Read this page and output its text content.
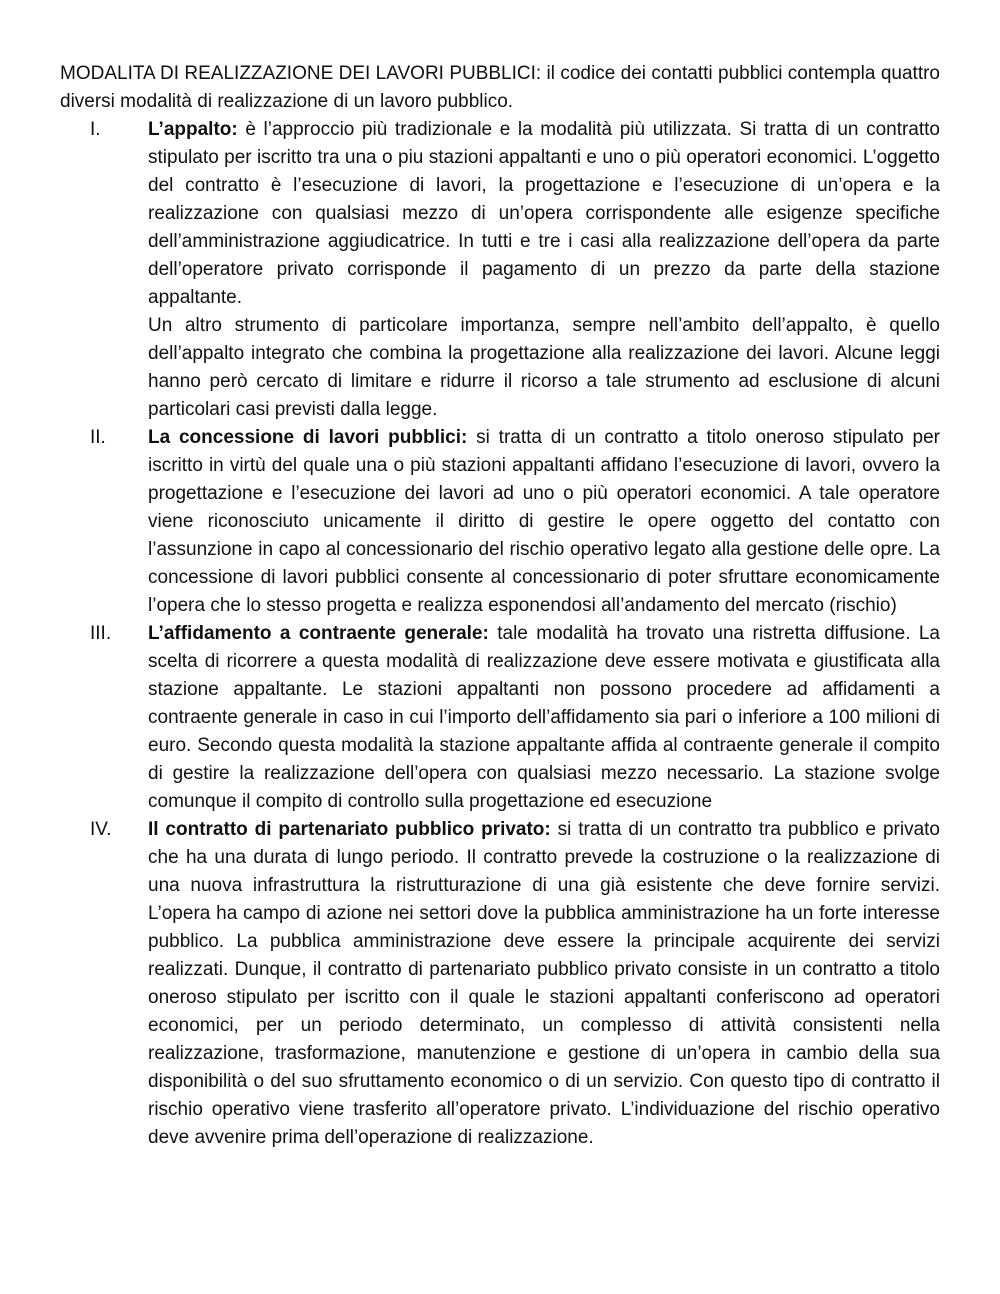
MODALITA DI REALIZZAZIONE DEI LAVORI PUBBLICI: il codice dei contatti pubblici contempla quattro diversi modalità di realizzazione di un lavoro pubblico.

I. L’appalto: è l’approccio più tradizionale e la modalità più utilizzata. Si tratta di un contratto stipulato per iscritto tra una o piu stazioni appaltanti e uno o più operatori economici. L’oggetto del contratto è l’esecuzione di lavori, la progettazione e l’esecuzione di un’opera e la realizzazione con qualsiasi mezzo di un’opera corrispondente alle esigenze specifiche dell’amministrazione aggiudicatrice. In tutti e tre i casi alla realizzazione dell’opera da parte dell’operatore privato corrisponde il pagamento di un prezzo da parte della stazione appaltante.

Un altro strumento di particolare importanza, sempre nell’ambito dell’appalto, è quello dell’appalto integrato che combina la progettazione alla realizzazione dei lavori. Alcune leggi hanno però cercato di limitare e ridurre il ricorso a tale strumento ad esclusione di alcuni particolari casi previsti dalla legge.

II. La concessione di lavori pubblici: si tratta di un contratto a titolo oneroso stipulato per iscritto in virtù del quale una o più stazioni appaltanti affidano l’esecuzione di lavori, ovvero la progettazione e l’esecuzione dei lavori ad uno o più operatori economici. A tale operatore viene riconosciuto unicamente il diritto di gestire le opere oggetto del contatto con l’assunzione in capo al concessionario del rischio operativo legato alla gestione delle opre. La concessione di lavori pubblici consente al concessionario di poter sfruttare economicamente l’opera che lo stesso progetta e realizza esponendosi all’andamento del mercato (rischio)

III. L’affidamento a contraente generale: tale modalità ha trovato una ristretta diffusione. La scelta di ricorrere a questa modalità di realizzazione deve essere motivata e giustificata alla stazione appaltante. Le stazioni appaltanti non possono procedere ad affidamenti a contraente generale in caso in cui l’importo dell’affidamento sia pari o inferiore a 100 milioni di euro. Secondo questa modalità la stazione appaltante affida al contraente generale il compito di gestire la realizzazione dell’opera con qualsiasi mezzo necessario. La stazione svolge comunque il compito di controllo sulla progettazione ed esecuzione

IV. Il contratto di partenariato pubblico privato: si tratta di un contratto tra pubblico e privato che ha una durata di lungo periodo. Il contratto prevede la costruzione o la realizzazione di una nuova infrastruttura la ristrutturazione di una già esistente che deve fornire servizi. L’opera ha campo di azione nei settori dove la pubblica amministrazione ha un forte interesse pubblico. La pubblica amministrazione deve essere la principale acquirente dei servizi realizzati. Dunque, il contratto di partenariato pubblico privato consiste in un contratto a titolo oneroso stipulato per iscritto con il quale le stazioni appaltanti conferiscono ad operatori economici, per un periodo determinato, un complesso di attività consistenti nella realizzazione, trasformazione, manutenzione e gestione di un’opera in cambio della sua disponibilità o del suo sfruttamento economico o di un servizio. Con questo tipo di contratto il rischio operativo viene trasferito all’operatore privato. L’individuazione del rischio operativo deve avvenire prima dell’operazione di realizzazione.
